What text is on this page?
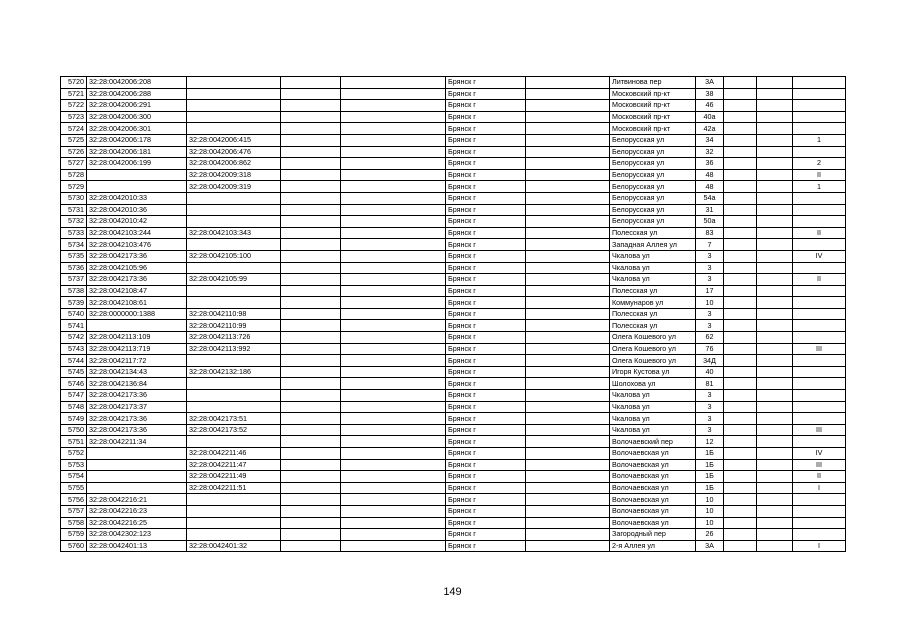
5720	32:28:0042006:208				Брянск г		Литвинова пер	3А			
5721	32:28:0042006:288				Брянск г		Московский пр-кт	38			
5722	32:28:0042006:291				Брянск г		Московский пр-кт	46			
5723	32:28:0042006:300				Брянск г		Московский пр-кт	40а			
5724	32:28:0042006:301				Брянск г		Московский пр-кт	42а			
5725	32:28:0042006:178	32:28:0042006:415			Брянск г		Белорусская ул	34			1
5726	32:28:0042006:181	32:28:0042006:476			Брянск г		Белорусская ул	32			
5727	32:28:0042006:199	32:28:0042006:862			Брянск г		Белорусская ул	36			2
5728		32:28:0042009:318			Брянск г		Белорусская ул	48			II
5729		32:28:0042009:319			Брянск г		Белорусская ул	48			1
5730	32:28:0042010:33				Брянск г		Белорусская ул	54а			
5731	32:28:0042010:36				Брянск г		Белорусская ул	31			
5732	32:28:0042010:42				Брянск г		Белорусская ул	50а			
5733	32:28:0042103:244	32:28:0042103:343			Брянск г		Полесская ул	83			II
5734	32:28:0042103:476				Брянск г		Западная Аллея ул	7			
5735	32:28:0042173:36	32:28:0042105:100			Брянск г		Чкалова ул	3			IV
5736	32:28:0042105:96				Брянск г		Чкалова ул	3			
5737	32:28:0042173:36	32:28:0042105:99			Брянск г		Чкалова ул	3			II
5738	32:28:0042108:47				Брянск г		Полесская ул	17			
5739	32:28:0042108:61				Брянск г		Коммунаров ул	10			
5740	32:28:0000000:1388	32:28:0042110:98			Брянск г		Полесская ул	3			
5741		32:28:0042110:99			Брянск г		Полесская ул	3			
5742	32:28:0042113:109	32:28:0042113:726			Брянск г		Олега Кошевого ул	62			
5743	32:28:0042113:719	32:28:0042113:992			Брянск г		Олега Кошевого ул	76			III
5744	32:28:0042117:72				Брянск г		Олега Кошевого ул	34Д			
5745	32:28:0042134:43	32:28:0042132:186			Брянск г		Игоря Кустова ул	40			
5746	32:28:0042136:84				Брянск г		Шолохова ул	81			
5747	32:28:0042173:36				Брянск г		Чкалова ул	3			
5748	32:28:0042173:37				Брянск г		Чкалова ул	3			
5749	32:28:0042173:36	32:28:0042173:51			Брянск г		Чкалова ул	3			
5750	32:28:0042173:36	32:28:0042173:52			Брянск г		Чкалова ул	3			III
5751	32:28:0042211:34				Брянск г		Волочаевский пер	12			
5752		32:28:0042211:46			Брянск г		Волочаевская ул	1Б			IV
5753		32:28:0042211:47			Брянск г		Волочаевская ул	1Б			III
5754		32:28:0042211:49			Брянск г		Волочаевская ул	1Б			II
5755		32:28:0042211:51			Брянск г		Волочаевская ул	1Б			I
5756	32:28:0042216:21				Брянск г		Волочаевская ул	10			
5757	32:28:0042216:23				Брянск г		Волочаевская ул	10			
5758	32:28:0042216:25				Брянск г		Волочаевская ул	10			
5759	32:28:0042302:123				Брянск г		Загородный пер	26			
5760	32:28:0042401:13	32:28:0042401:32			Брянск г		2-я Аллея ул	3А			I
149
